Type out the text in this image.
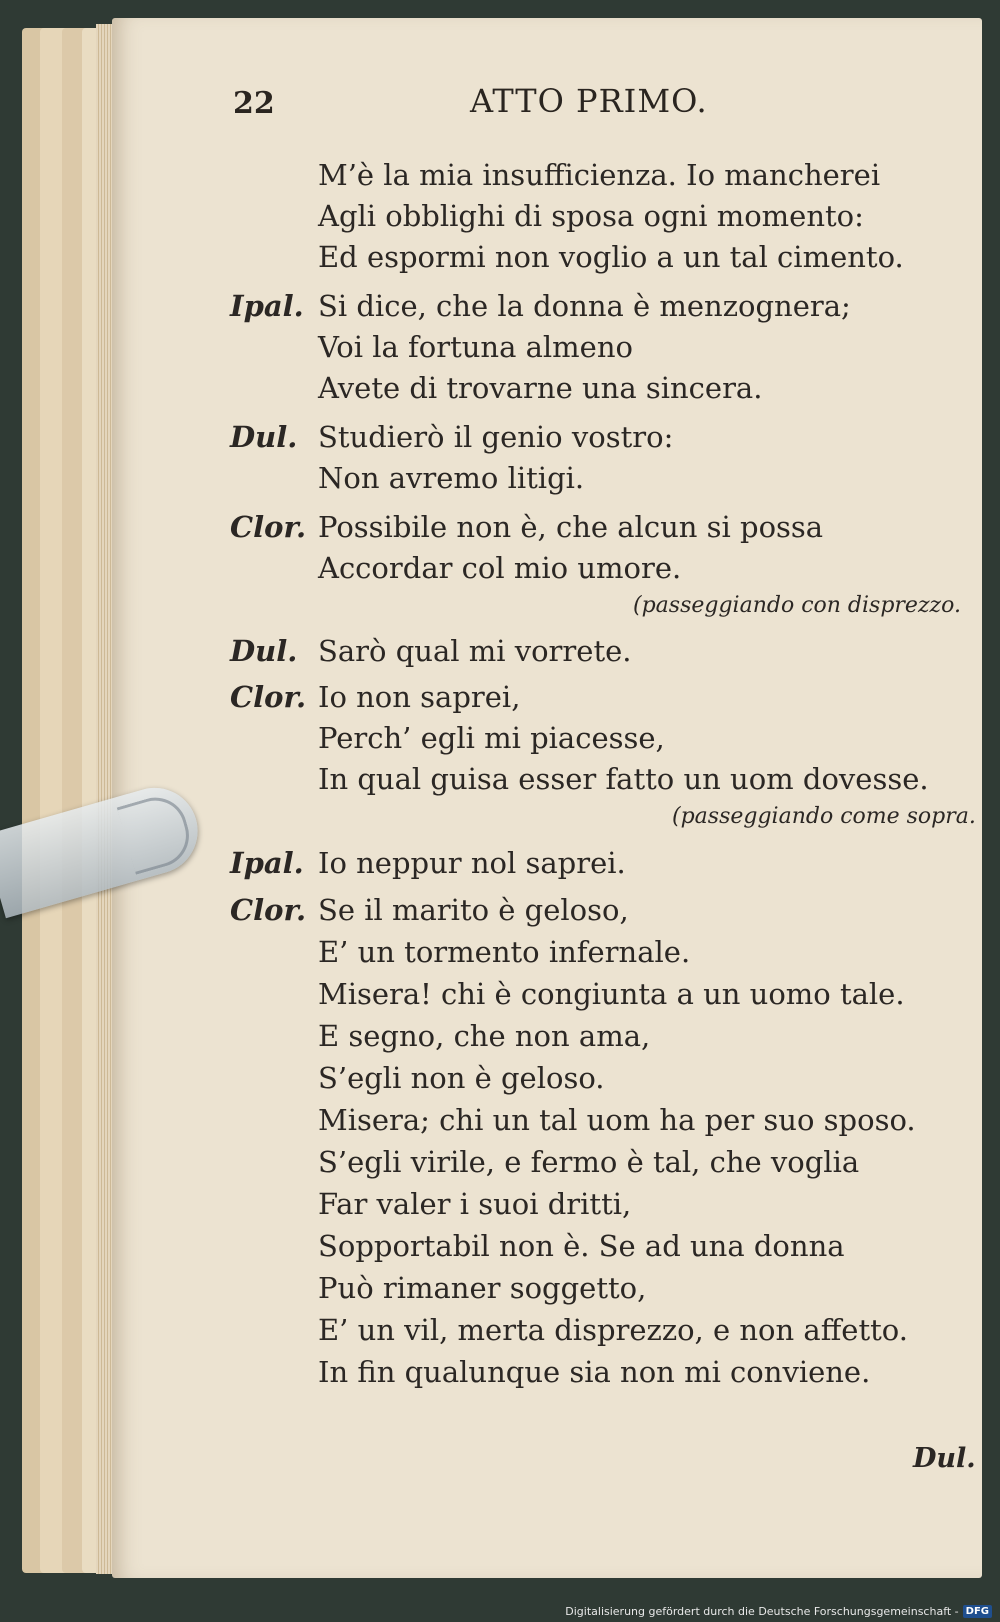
22	ATTO PRIMO.
M’è la mia insufficienza. Io mancherei
Agli obblighi di sposa ogni momento:
Ed espormi non voglio a un tal cimento.
Ipal. Si dice, che la donna è menzognera;
Voi la fortuna almeno
Avete di trovarne una sincera.
Dul. Studierò il genio vostro:
Non avremo litigi.
Clor. Possibile non è, che alcun si possa
Accordar col mio umore.
(passeggiando con disprezzo.
Dul. Sarò qual mi vorrete.
Clor. Io non saprei,
Perch’ egli mi piacesse,
In qual guisa esser fatto un uom dovesse.
(passeggiando come sopra.
Ipal. Io neppur nol saprei.
Clor. Se il marito è geloso,
E’ un tormento infernale.
Misera! chi è congiunta a un uomo tale.
E segno, che non ama,
S’egli non è geloso.
Misera; chi un tal uom ha per suo sposo.
S’egli virile, e fermo è tal, che voglia
Far valer i suoi dritti,
Sopportabil non è. Se ad una donna
Può rimaner soggetto,
E’ un vil, merta disprezzo, e non affetto.
In fin qualunque sia non mi conviene.
Dul.
Digitalisierung gefördert durch die Deutsche Forschungsgemeinschaft - DFG
